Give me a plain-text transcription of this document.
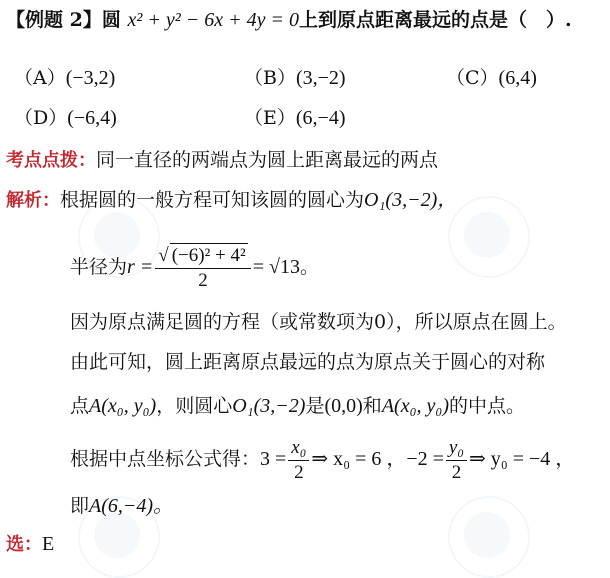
【例题 2】圆 x² + y² − 6x + 4y = 0上到原点距离最远的点是（　）.
（A）(−3,2)	（B）(3,−2)	（C）(6,4)
（D）(−6,4)	（E）(6,−4)
考点点拨：同一直径的两端点为圆上距离最远的两点
解析：根据圆的一般方程可知该圆的圆心为O₁(3,−2)，
半径为$r = \frac{\text{√ (−6)² + 4²}}{2} = √13$。
因为原点满足圆的方程（或常数项为0），所以原点在圆上。
由此可知，圆上距离原点最远的点为原点关于圆心的对称
点A(x₀, y₀)，则圆心O₁(3,−2)是(0,0)和A(x₀, y₀)的中点。
根据中点坐标公式得：$3 = \frac{\text{x₀}}{2}$ ⇒ x₀ = 6 ，$-2 = \frac{\text{y₀}}{2}$ ⇒ y₀ = −4 ，
即A(6,−4)。
选：E
